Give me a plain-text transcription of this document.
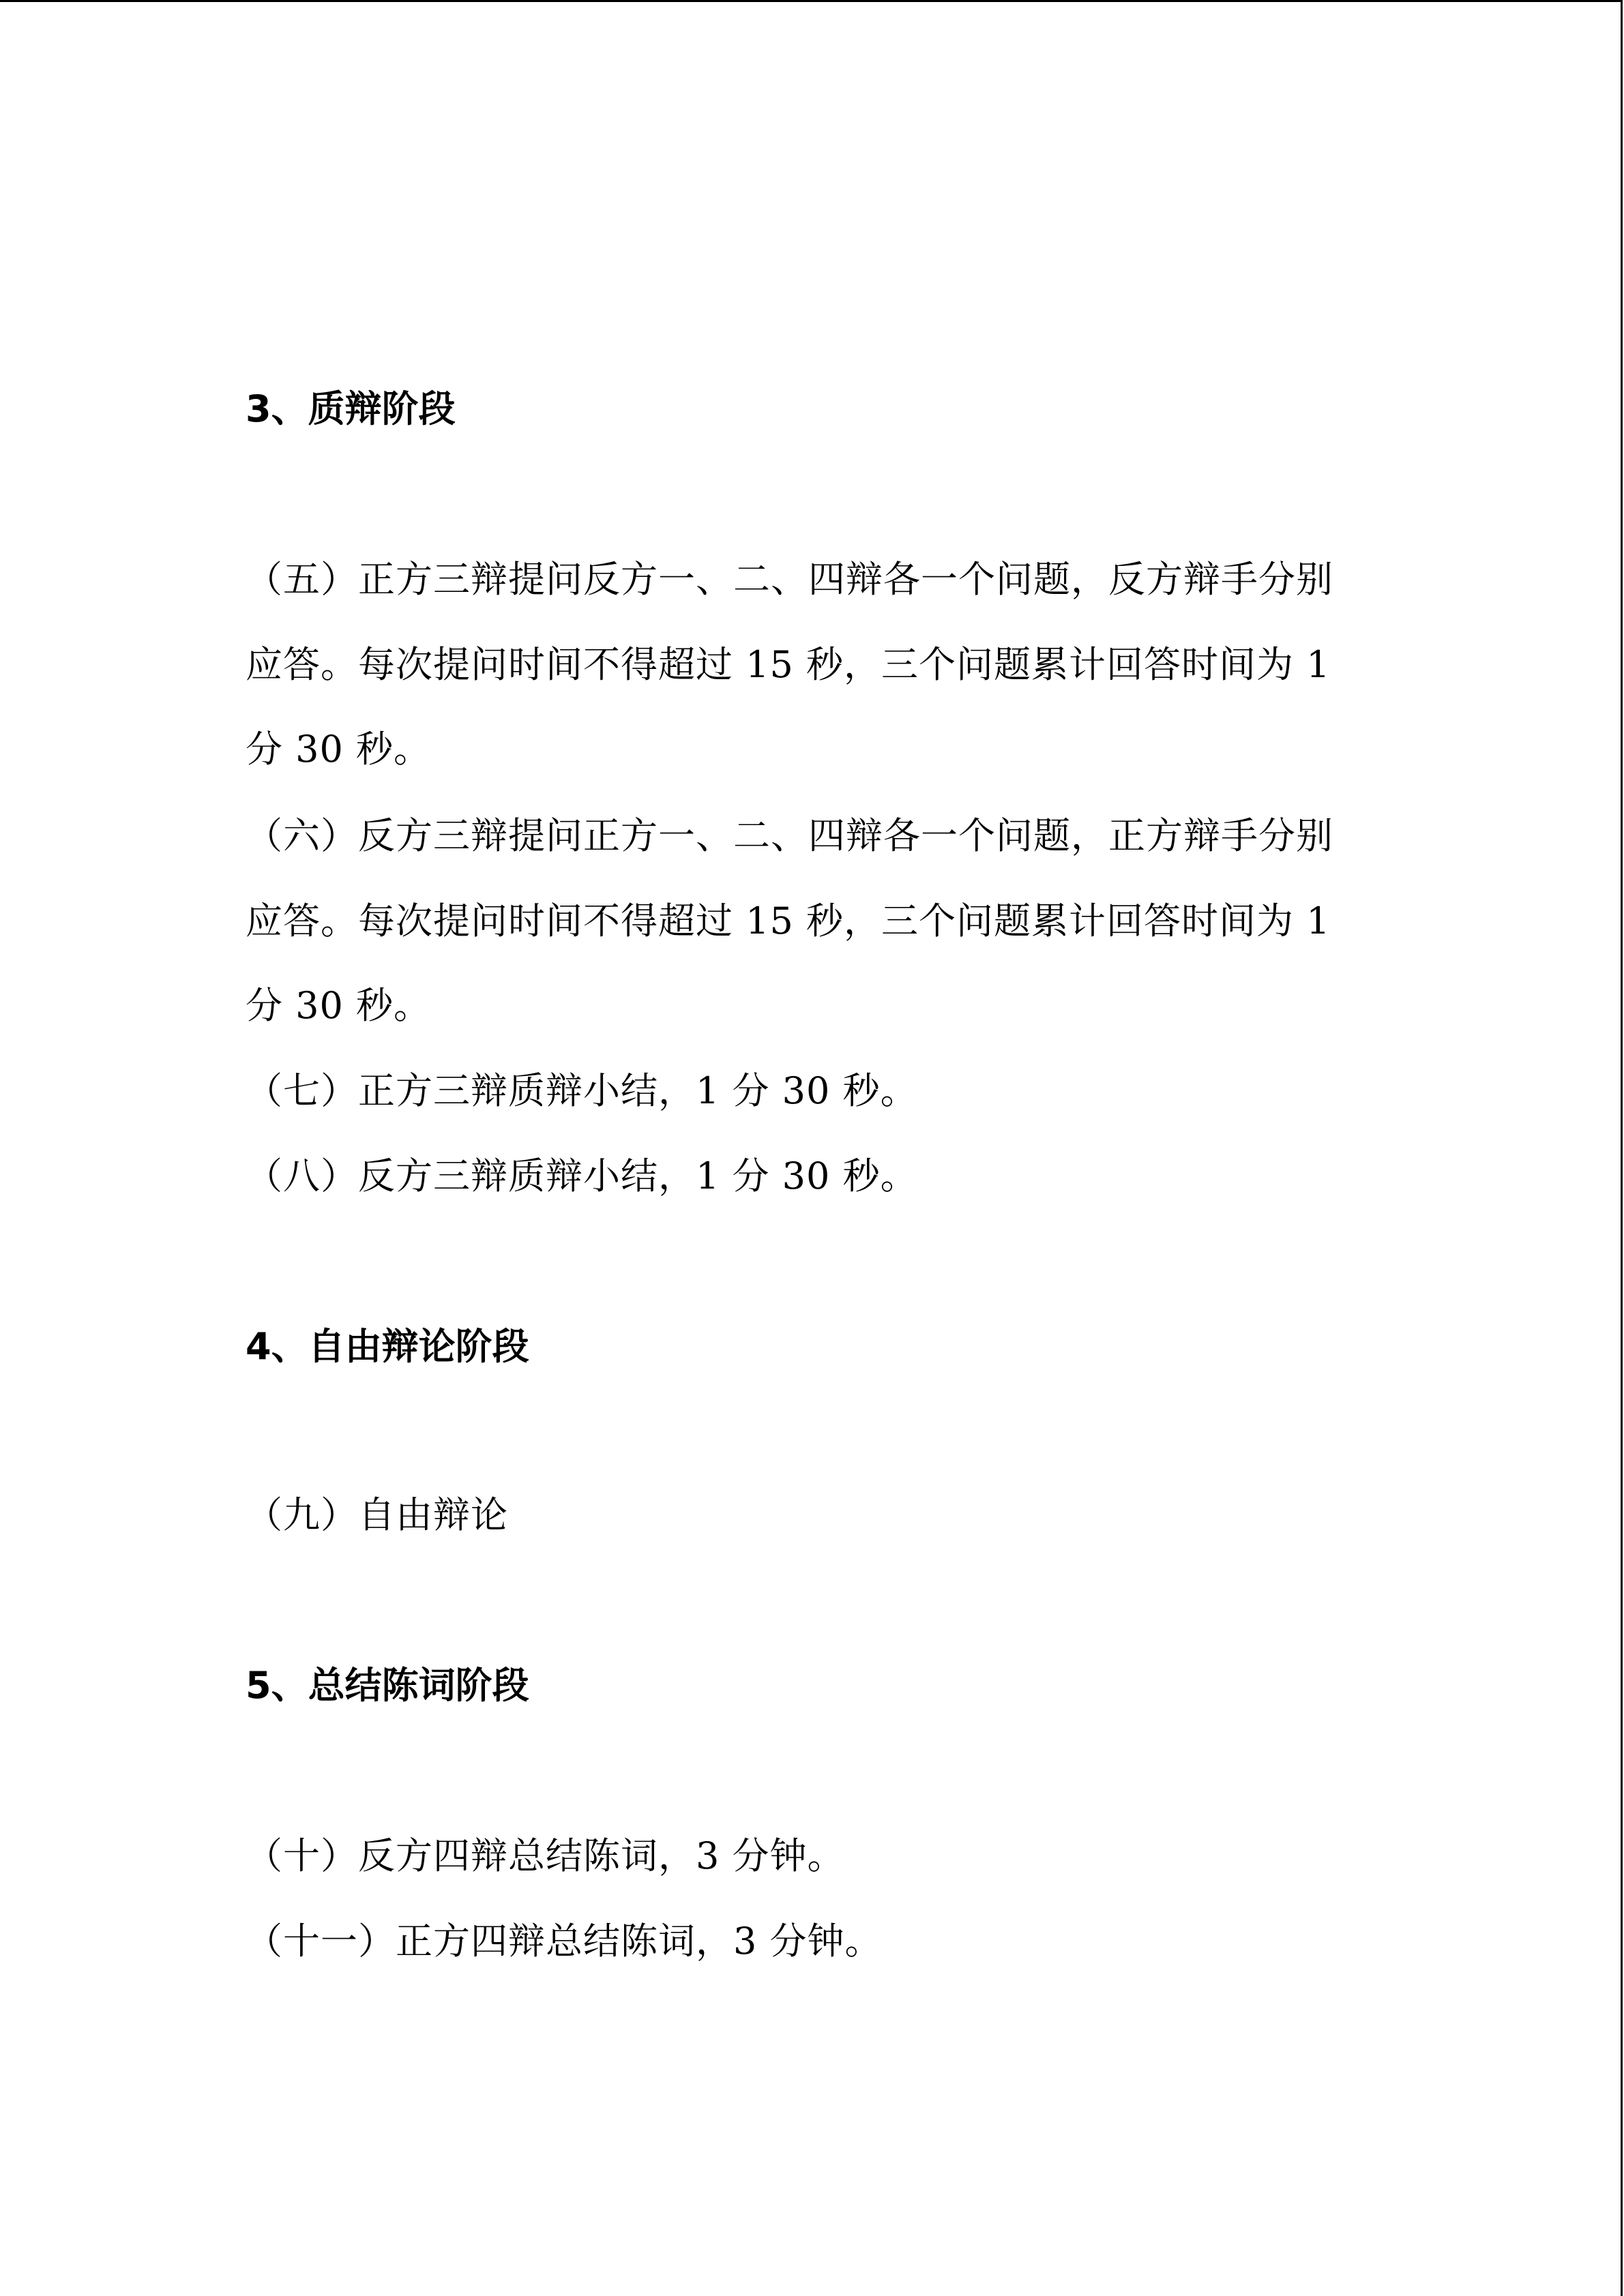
3、质辩阶段

（五）正方三辩提问反方一、二、四辩各一个问题，反方辩手分别应答。每次提问时间不得超过 15 秒，三个问题累计回答时间为 1 分 30 秒。

（六）反方三辩提问正方一、二、四辩各一个问题，正方辩手分别应答。每次提问时间不得超过 15 秒，三个问题累计回答时间为 1 分 30 秒。

（七）正方三辩质辩小结，1 分 30 秒。

（八）反方三辩质辩小结，1 分 30 秒。

4、自由辩论阶段

（九）自由辩论

5、总结陈词阶段

（十）反方四辩总结陈词，3 分钟。

（十一）正方四辩总结陈词，3 分钟。
